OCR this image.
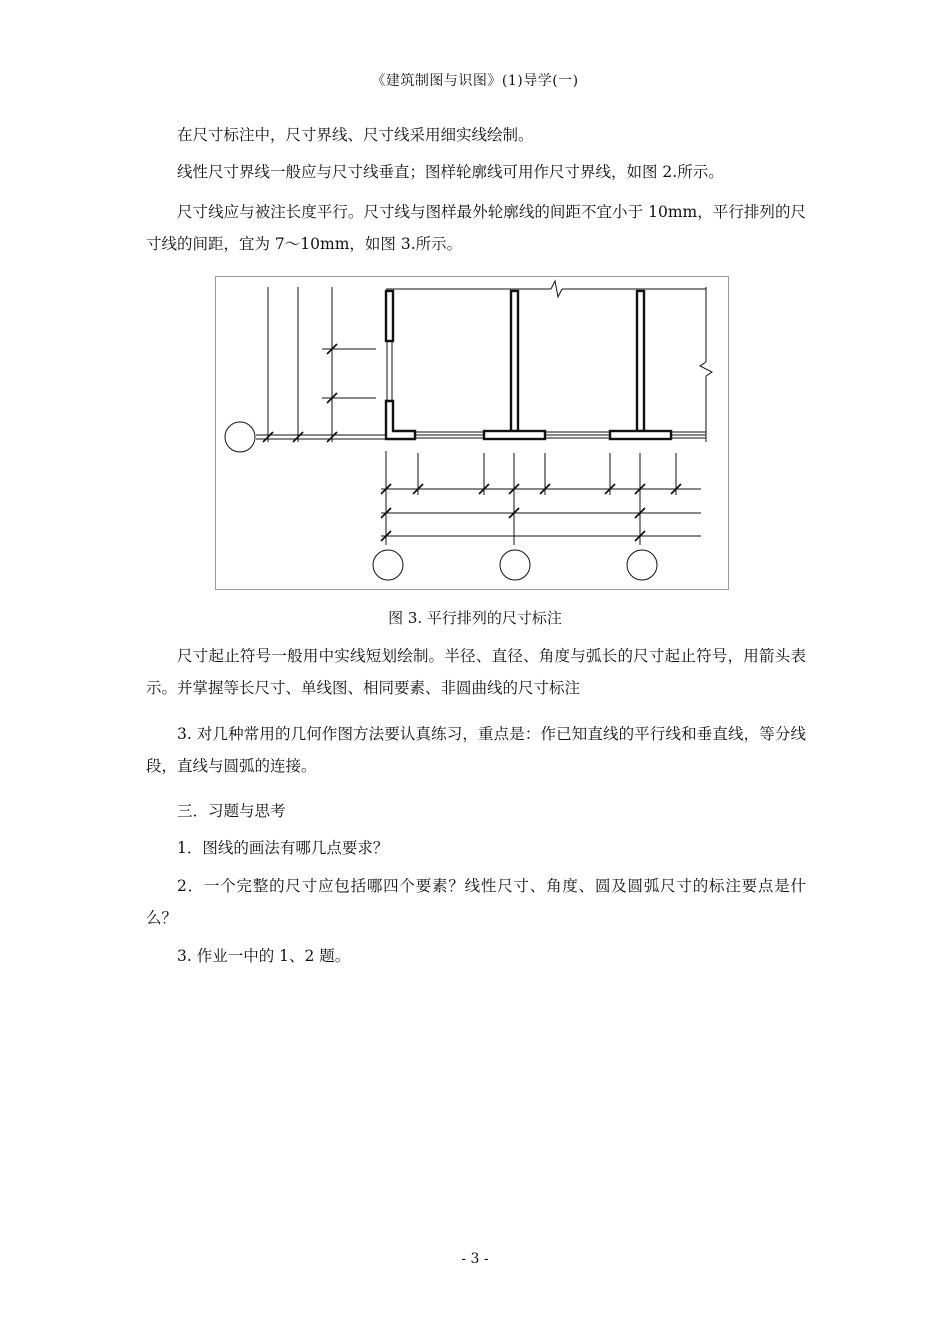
《建筑制图与识图》(1)导学(一)
在尺寸标注中，尺寸界线、尺寸线采用细实线绘制。
线性尺寸界线一般应与尺寸线垂直；图样轮廓线可用作尺寸界线，如图 2.所示。
尺寸线应与被注长度平行。尺寸线与图样最外轮廓线的间距不宜小于 10mm，平行排列的尺寸线的间距，宜为 7～10mm，如图 3.所示。
图 3. 平行排列的尺寸标注
尺寸起止符号一般用中实线短划绘制。半径、直径、角度与弧长的尺寸起止符号，用箭头表示。并掌握等长尺寸、单线图、相同要素、非圆曲线的尺寸标注
3. 对几种常用的几何作图方法要认真练习，重点是：作已知直线的平行线和垂直线，等分线段，直线与圆弧的连接。
三．习题与思考
1．图线的画法有哪几点要求？
2．一个完整的尺寸应包括哪四个要素？线性尺寸、角度、圆及圆弧尺寸的标注要点是什么？
3. 作业一中的 1、2 题。
- 3 -
